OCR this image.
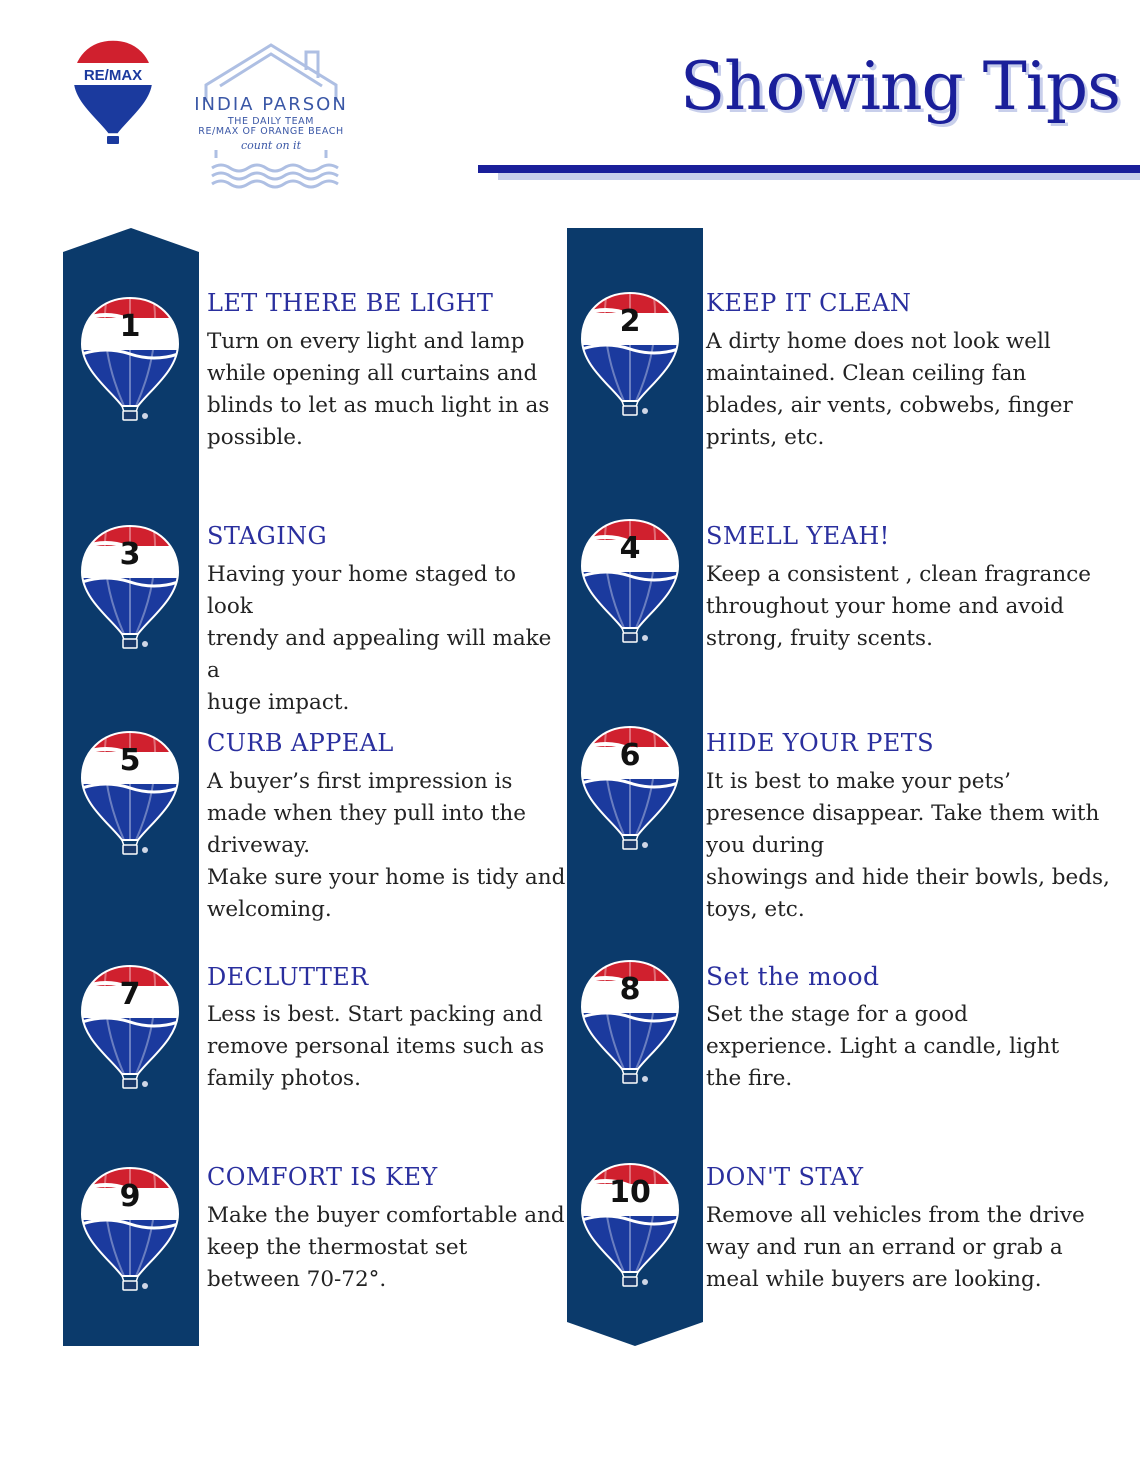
RE/MAX
INDIA PARSON
THE DAILY TEAM
RE/MAX OF ORANGE BEACH
count on it
Showing Tips
1
LET THERE BE LIGHT
Turn on every light and lamp
while opening all curtains and
blinds to let as much light in as
possible.
2
KEEP IT CLEAN
A dirty home does not look well
maintained. Clean ceiling fan
blades, air vents, cobwebs, finger
prints, etc.
3
STAGING
Having your home staged to look
trendy and appealing will make a
huge impact.
4	SMELL YEAH!
Keep a consistent , clean fragrance
throughout your home and avoid
strong, fruity scents.
5	CURB APPEAL
A buyer’s first impression is
made when they pull into the
driveway.
Make sure your home is tidy and
welcoming.
6	HIDE YOUR PETS
It is best to make your pets’
presence disappear. Take them with
you during
showings and hide their bowls, beds,
toys, etc.
7	DECLUTTER
Less is best. Start packing and
remove personal items such as
family photos.
8	Set the mood
Set the stage for a good
experience. Light a candle, light
the fire.
9
COMFORT IS KEY
Make the buyer comfortable and
keep the thermostat set
between 70-72°.
10	DON'T STAY
Remove all vehicles from the drive
way and run an errand or grab a
meal while buyers are looking.
